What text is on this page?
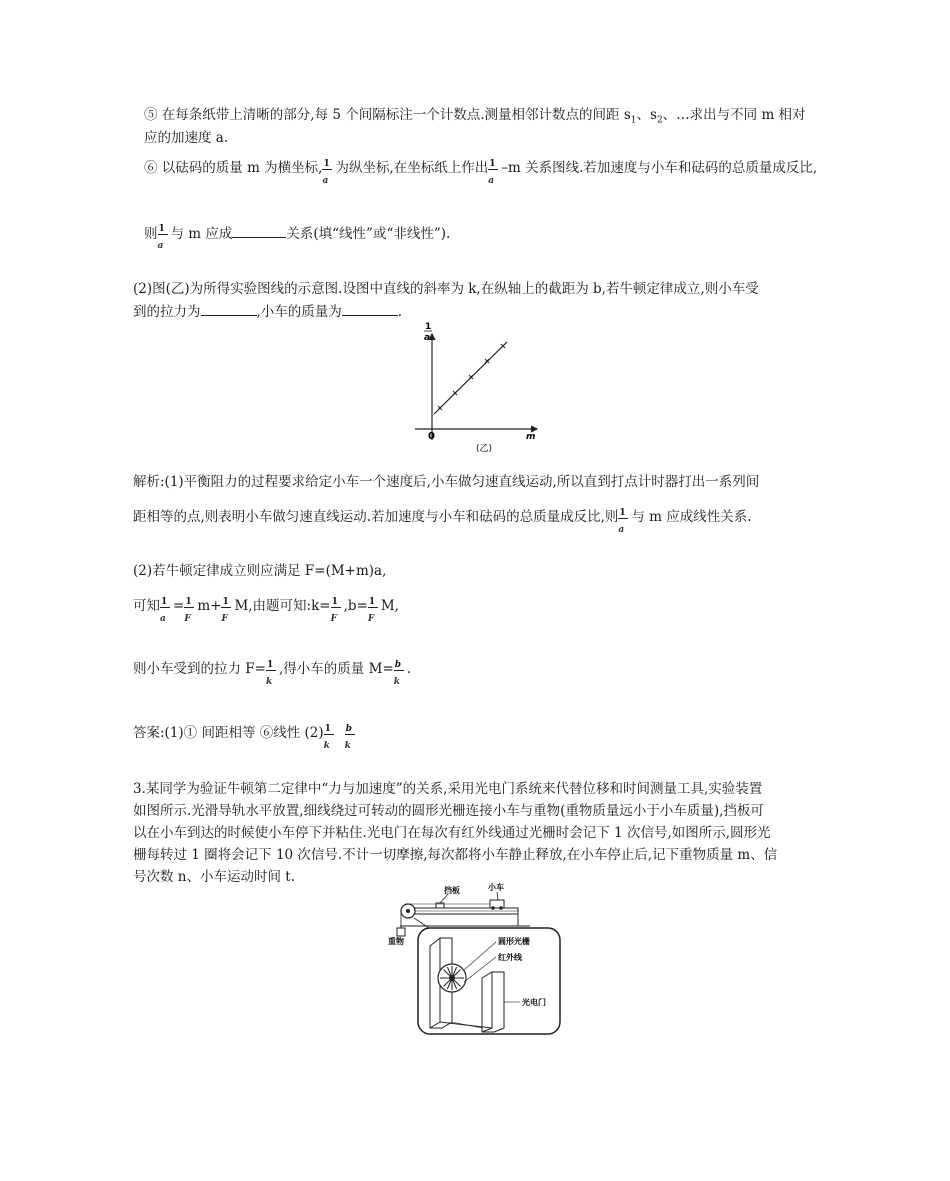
⑤ 在每条纸带上清晰的部分,每 5 个间隔标注一个计数点.测量相邻计数点的间距 $s_1$、$s_2$、…求出与不同 m 相对
应的加速度 a.
⑥ 以砝码的质量 m 为横坐标, $\frac{1}{a}$ 为纵坐标,在坐标纸上作出 $\frac{1}{a} -m$ 关系图线.若加速度与小车和砝码的总质量成反比,
则 $\frac{1}{a}$ 与 m 应成	关系(填“线性”或“非线性”).
(2)图(乙)为所得实验图线的示意图.设图中直线的斜率为 k,在纵轴上的截距为 b,若牛顿定律成立,则小车受
到的拉力为	,小车的质量为	.
1
a
0	m
(乙)
解析:(1)平衡阻力的过程要求给定小车一个速度后,小车做匀速直线运动,所以直到打点计时器打出一系列间
距相等的点,则表明小车做匀速直线运动.若加速度与小车和砝码的总质量成反比,则 $\frac{1}{a}$ 与 m 应成线性关系.
(2)若牛顿定律成立则应满足 F=(M+m)a,
可知 $\frac{1}{a} = \frac{1}{F} m+ \frac{1}{F} M$,由题可知:k= $\frac{1}{F} ,b= \frac{1}{F} M$,
则小车受到的拉力 $F= \frac{1}{k}$ ,得小车的质量 $M= \frac{b}{k}$ .
答案:(1)① 间距相等 ⑥线性 $(2) \frac{1}{k} \frac{b}{k}$
3.某同学为验证牛顿第二定律中“力与加速度”的关系,采用光电门系统来代替位移和时间测量工具,实验装置
如图所示.光滑导轨水平放置,细线绕过可转动的圆形光栅连接小车与重物(重物质量远小于小车质量),挡板可
以在小车到达的时候使小车停下并粘住.光电门在每次有红外线通过光栅时会记下 1 次信号,如图所示,圆形光
栅每转过 1 圈将会记下 10 次信号.不计一切摩擦,每次都将小车静止释放,在小车停止后,记下重物质量 m、信
号次数 n、小车运动时间 t.
挡板	小车
重物	圆形光栅
红外线
光电门
